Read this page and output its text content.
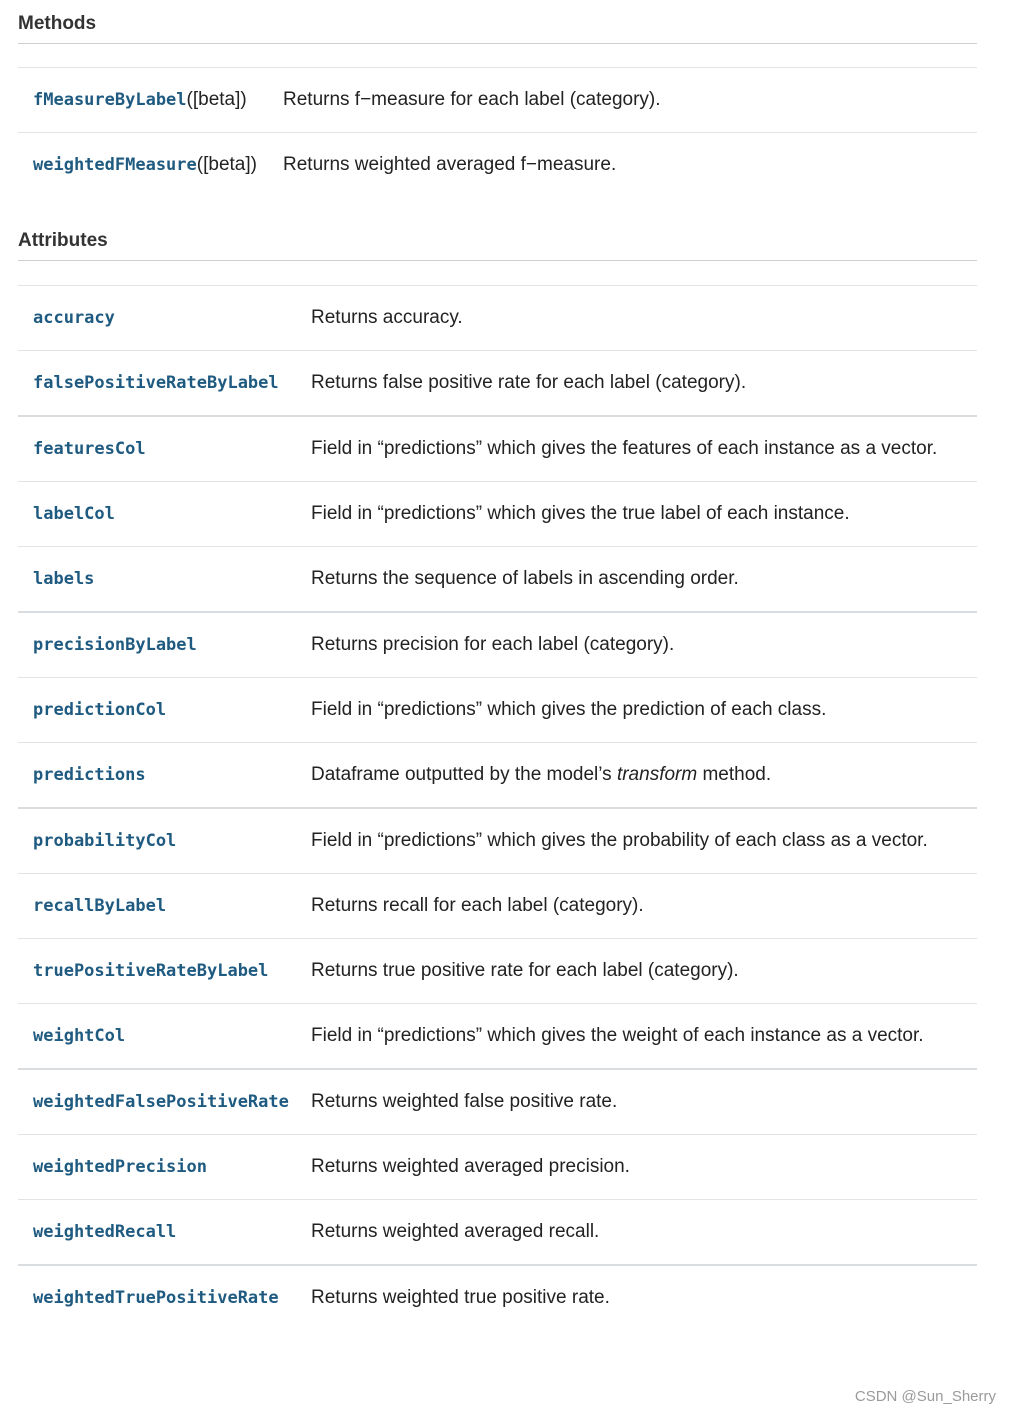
Methods
fMeasureByLabel([beta])	Returns f−measure for each label (category).
weightedFMeasure([beta])	Returns weighted averaged f−measure.
Attributes
accuracy	Returns accuracy.
falsePositiveRateByLabel	Returns false positive rate for each label (category).
featuresCol	Field in “predictions” which gives the features of each instance as a vector.
labelCol	Field in “predictions” which gives the true label of each instance.
labels	Returns the sequence of labels in ascending order.
precisionByLabel	Returns precision for each label (category).
predictionCol	Field in “predictions” which gives the prediction of each class.
predictions	Dataframe outputted by the model’s transform method.
probabilityCol	Field in “predictions” which gives the probability of each class as a vector.
recallByLabel	Returns recall for each label (category).
truePositiveRateByLabel	Returns true positive rate for each label (category).
weightCol	Field in “predictions” which gives the weight of each instance as a vector.
weightedFalsePositiveRate	Returns weighted false positive rate.
weightedPrecision	Returns weighted averaged precision.
weightedRecall	Returns weighted averaged recall.
weightedTruePositiveRate	Returns weighted true positive rate.
CSDN @Sun_Sherry
